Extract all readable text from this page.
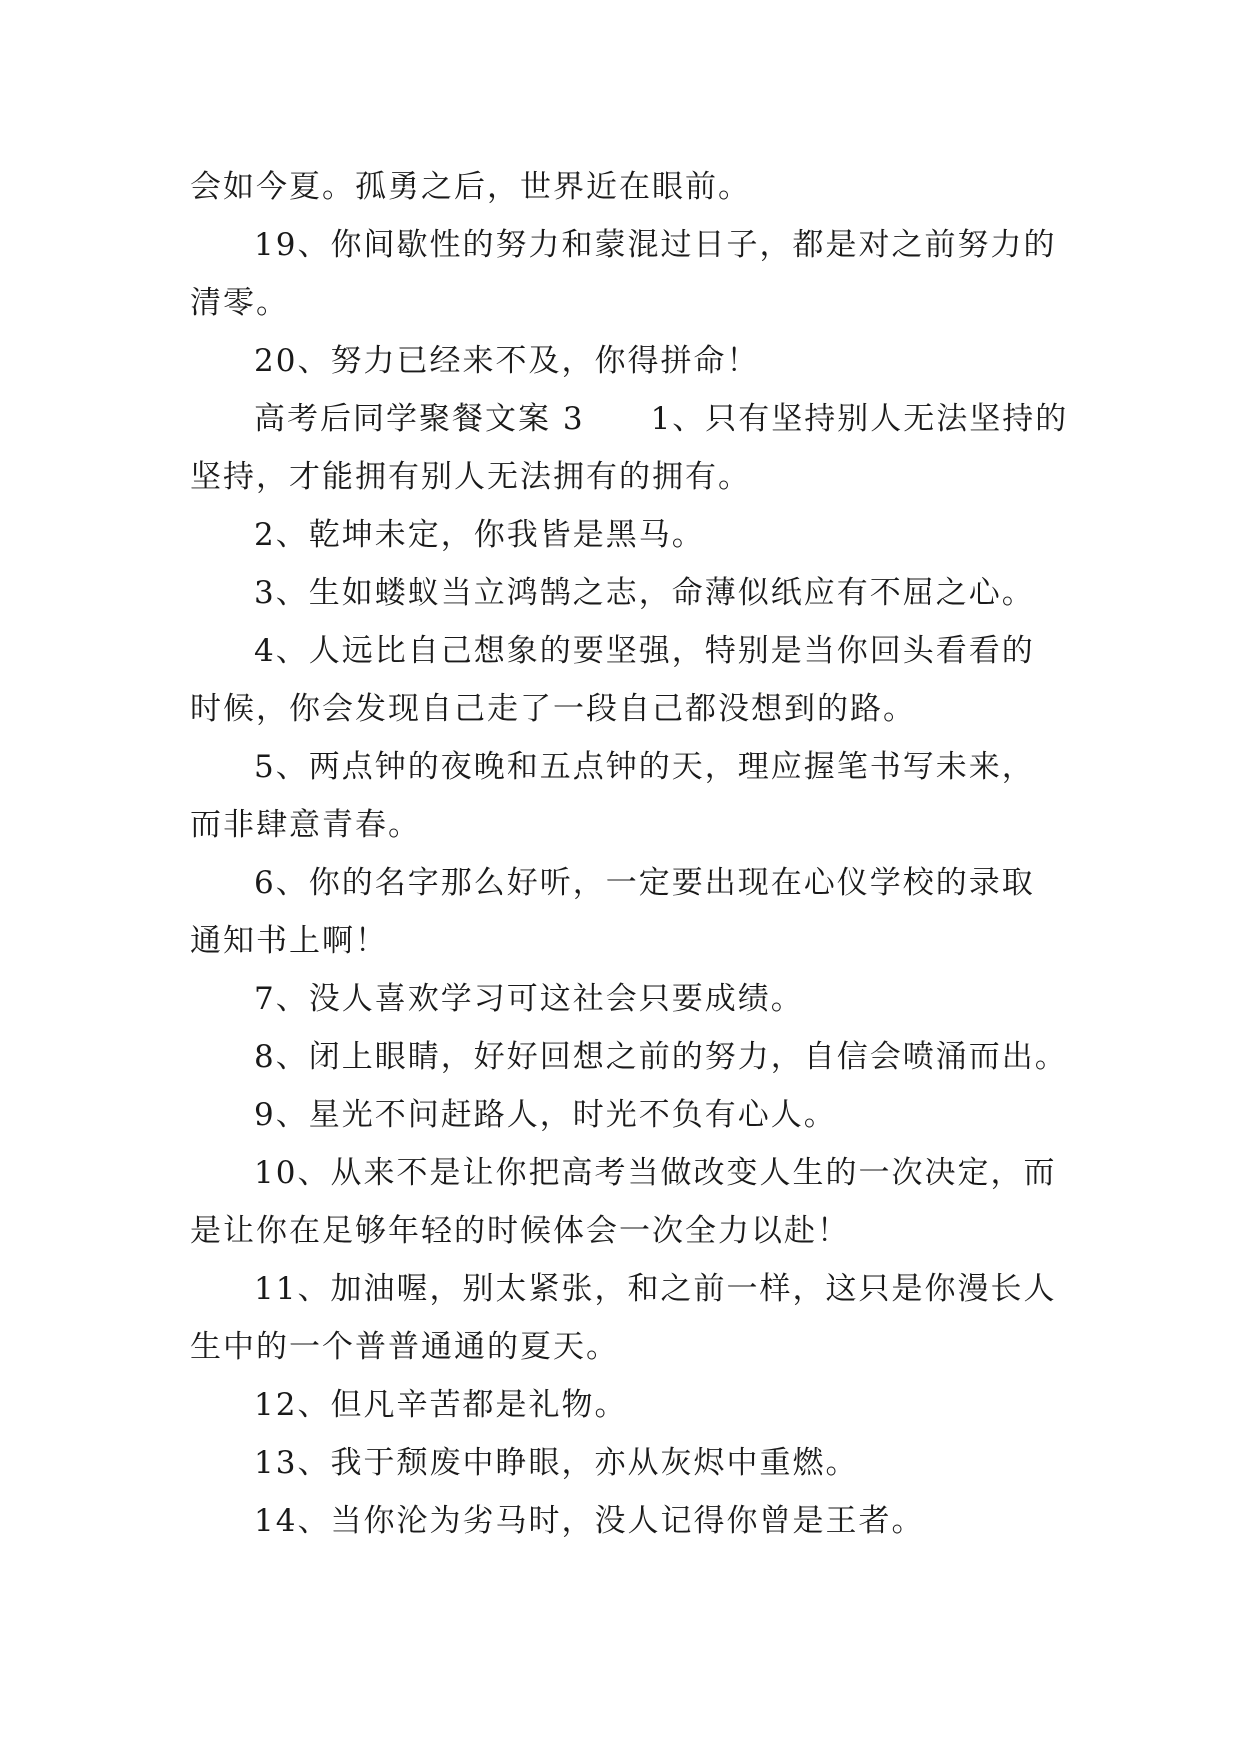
会如今夏。孤勇之后，世界近在眼前。
19、你间歇性的努力和蒙混过日子，都是对之前努力的
清零。
20、努力已经来不及，你得拼命！
高考后同学聚餐文案 3　　1、只有坚持别人无法坚持的
坚持，才能拥有别人无法拥有的拥有。
2、乾坤未定，你我皆是黑马。
3、生如蝼蚁当立鸿鹄之志，命薄似纸应有不屈之心。
4、人远比自己想象的要坚强，特别是当你回头看看的
时候，你会发现自己走了一段自己都没想到的路。
5、两点钟的夜晚和五点钟的天，理应握笔书写未来，
而非肆意青春。
6、你的名字那么好听，一定要出现在心仪学校的录取
通知书上啊！
7、没人喜欢学习可这社会只要成绩。
8、闭上眼睛，好好回想之前的努力，自信会喷涌而出。
9、星光不问赶路人，时光不负有心人。
10、从来不是让你把高考当做改变人生的一次决定，而
是让你在足够年轻的时候体会一次全力以赴！
11、加油喔，别太紧张，和之前一样，这只是你漫长人
生中的一个普普通通的夏天。
12、但凡辛苦都是礼物。
13、我于颓废中睁眼，亦从灰烬中重燃。
14、当你沦为劣马时，没人记得你曾是王者。
